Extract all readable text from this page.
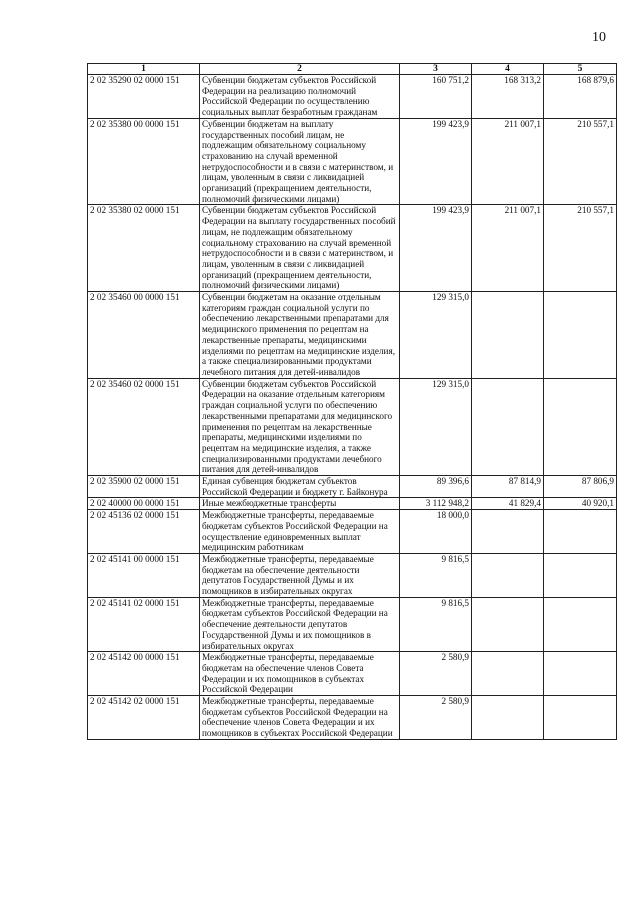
10
1	2	3	4	5
2 02 35290 02 0000 151	Субвенции бюджетам субъектов Российской Федерации на реализацию полномочий Российской Федерации по осуществлению социальных выплат безработным гражданам	160 751,2	168 313,2	168 879,6
2 02 35380 00 0000 151	Субвенции бюджетам на выплату государственных пособий лицам, не подлежащим обязательному социальному страхованию на случай временной нетрудоспособности и в связи с материнством, и лицам, уволенным в связи с ликвидацией организаций (прекращением деятельности, полномочий физическими лицами)	199 423,9	211 007,1	210 557,1
2 02 35380 02 0000 151	Субвенции бюджетам субъектов Российской Федерации на выплату государственных пособий лицам, не подлежащим обязательному социальному страхованию на случай временной нетрудоспособности и в связи с материнством, и лицам, уволенным в связи с ликвидацией организаций (прекращением деятельности, полномочий физическими лицами)	199 423,9	211 007,1	210 557,1
2 02 35460 00 0000 151	Субвенции бюджетам на оказание отдельным категориям граждан социальной услуги по обеспечению лекарственными препаратами для медицинского применения по рецептам на лекарственные препараты, медицинскими изделиями по рецептам на медицинские изделия, а также специализированными продуктами лечебного питания для детей-инвалидов	129 315,0		
2 02 35460 02 0000 151	Субвенции бюджетам субъектов Российской Федерации на оказание отдельным категориям граждан социальной услуги по обеспечению лекарственными препаратами для медицинского применения по рецептам на лекарственные препараты, медицинскими изделиями по рецептам на медицинские изделия, а также специализированными продуктами лечебного питания для детей-инвалидов	129 315,0		
2 02 35900 02 0000 151	Единая субвенция бюджетам субъектов Российской Федерации и бюджету г. Байконура	89 396,6	87 814,9	87 806,9
2 02 40000 00 0000 151	Иные межбюджетные трансферты	3 112 948,2	41 829,4	40 920,1
2 02 45136 02 0000 151	Межбюджетные трансферты, передаваемые бюджетам субъектов Российской Федерации на осуществление единовременных выплат медицинским работникам	18 000,0		
2 02 45141 00 0000 151	Межбюджетные трансферты, передаваемые бюджетам на обеспечение деятельности депутатов Государственной Думы и их помощников в избирательных округах	9 816,5		
2 02 45141 02 0000 151	Межбюджетные трансферты, передаваемые бюджетам субъектов Российской Федерации на обеспечение деятельности депутатов Государственной Думы и их помощников в избирательных округах	9 816,5		
2 02 45142 00 0000 151	Межбюджетные трансферты, передаваемые бюджетам на обеспечение членов Совета Федерации и их помощников в субъектах Российской Федерации	2 580,9		
2 02 45142 02 0000 151	Межбюджетные трансферты, передаваемые бюджетам субъектов Российской Федерации на обеспечение членов Совета Федерации и их помощников в субъектах Российской Федерации	2 580,9		
